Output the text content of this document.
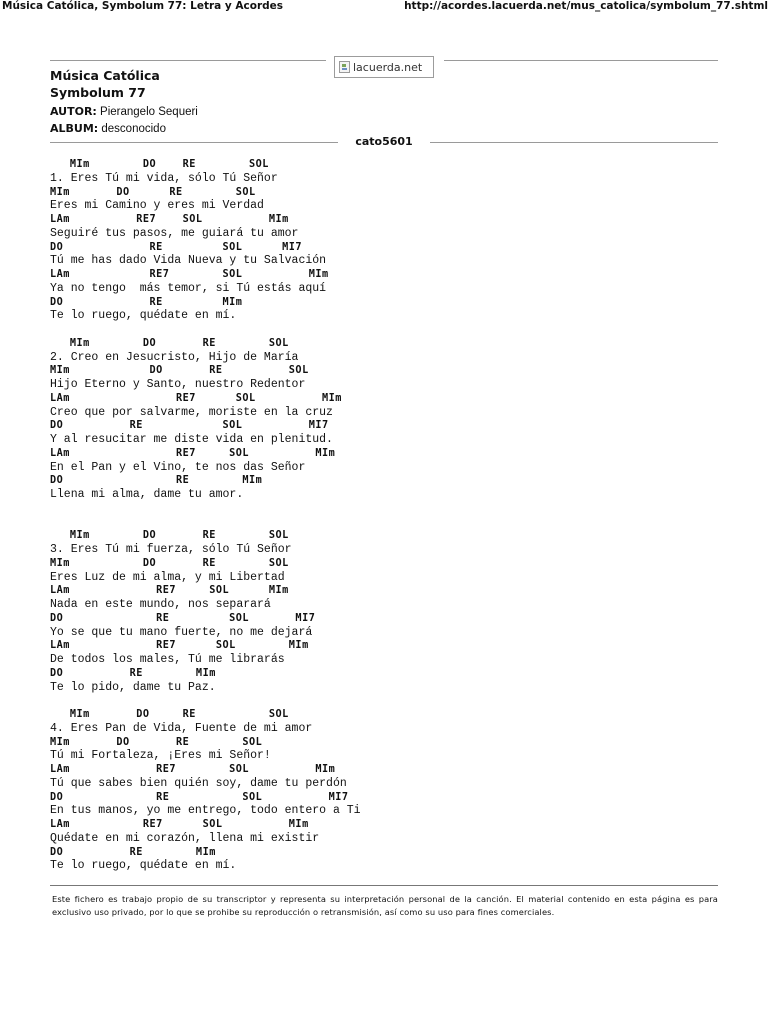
Música Católica, Symbolum 77: Letra y Acordes	http://acordes.lacuerda.net/mus_catolica/symbolum_77.shtml
lacuerda.net
Música Católica
Symbolum 77
AUTOR: Pierangelo Sequeri
ALBUM: desconocido
cato5601
MIm        DO    RE        SOL
1. Eres Tú mi vida, sólo Tú Señor
MIm       DO      RE        SOL
Eres mi Camino y eres mi Verdad
LAm          RE7    SOL          MIm
Seguiré tus pasos, me guiará tu amor
DO             RE         SOL      MI7
Tú me has dado Vida Nueva y tu Salvación
LAm            RE7        SOL          MIm
Ya no tengo  más temor, si Tú estás aquí
DO             RE         MIm
Te lo ruego, quédate en mí.
MIm        DO       RE        SOL
2. Creo en Jesucristo, Hijo de María
MIm            DO       RE          SOL
Hijo Eterno y Santo, nuestro Redentor
LAm                RE7      SOL          MIm
Creo que por salvarme, moriste en la cruz
DO          RE            SOL          MI7
Y al resucitar me diste vida en plenitud.
LAm                RE7     SOL          MIm
En el Pan y el Vino, te nos das Señor
DO                 RE        MIm
Llena mi alma, dame tu amor.
MIm        DO       RE        SOL
3. Eres Tú mi fuerza, sólo Tú Señor
MIm           DO       RE        SOL
Eres Luz de mi alma, y mi Libertad
LAm             RE7     SOL      MIm
Nada en este mundo, nos separará
DO              RE         SOL       MI7
Yo se que tu mano fuerte, no me dejará
LAm             RE7      SOL        MIm
De todos los males, Tú me librarás
DO          RE        MIm
Te lo pido, dame tu Paz.
MIm       DO     RE           SOL
4. Eres Pan de Vida, Fuente de mi amor
MIm       DO       RE        SOL
Tú mi Fortaleza, ¡Eres mi Señor!
LAm             RE7        SOL          MIm
Tú que sabes bien quién soy, dame tu perdón
DO              RE           SOL          MI7
En tus manos, yo me entrego, todo entero a Ti
LAm           RE7      SOL          MIm
Quédate en mi corazón, llena mi existir
DO          RE        MIm
Te lo ruego, quédate en mí.
Este fichero es trabajo propio de su transcriptor y representa su interpretación personal de la canción. El material contenido en esta página es para exclusivo uso privado, por lo que se prohibe su reproducción o retransmisión, así como su uso para fines comerciales.
